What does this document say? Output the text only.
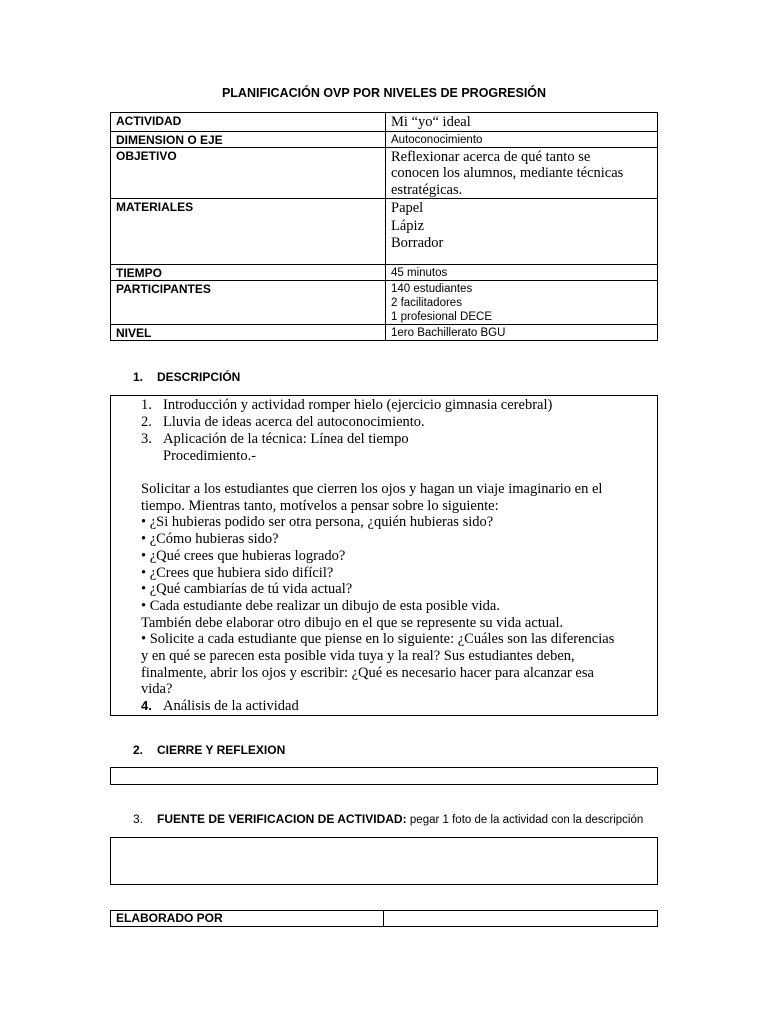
PLANIFICACIÓN OVP POR NIVELES DE PROGRESIÓN
ACTIVIDAD	Mi “yo“ ideal
DIMENSION O EJE	Autoconocimiento
OBJETIVO	Reflexionar acerca de qué tanto se
conocen los alumnos, mediante técnicas
estratégicas.

MATERIALES	Papel
Lápiz
Borrador

TIEMPO	45 minutos
PARTICIPANTES	140 estudiantes
2 facilitadores
1 profesional DECE

NIVEL	1ero Bachillerato BGU
1. DESCRIPCIÓN
1. Introducción y actividad romper hielo (ejercicio gimnasia cerebral)
2. Lluvia de ideas acerca del autoconocimiento.
3. Aplicación de la técnica: Línea del tiempo
Procedimiento.-
Solicitar a los estudiantes que cierren los ojos y hagan un viaje imaginario en el
tiempo. Mientras tanto, motívelos a pensar sobre lo siguiente:
• ¿Si hubieras podido ser otra persona, ¿quién hubieras sido?
• ¿Cómo hubieras sido?
• ¿Qué crees que hubieras logrado?
• ¿Crees que hubiera sido difícil?
• ¿Qué cambiarías de tú vida actual?
• Cada estudiante debe realizar un dibujo de esta posible vida.
También debe elaborar otro dibujo en el que se represente su vida actual.
• Solicite a cada estudiante que piense en lo siguiente: ¿Cuáles son las diferencias
y en qué se parecen esta posible vida tuya y la real? Sus estudiantes deben,
finalmente, abrir los ojos y escribir: ¿Qué es necesario hacer para alcanzar esa
vida?
4. Análisis de la actividad
2. CIERRE Y REFLEXION
3. FUENTE DE VERIFICACION DE ACTIVIDAD: pegar 1 foto de la actividad con la descripción
ELABORADO POR	
